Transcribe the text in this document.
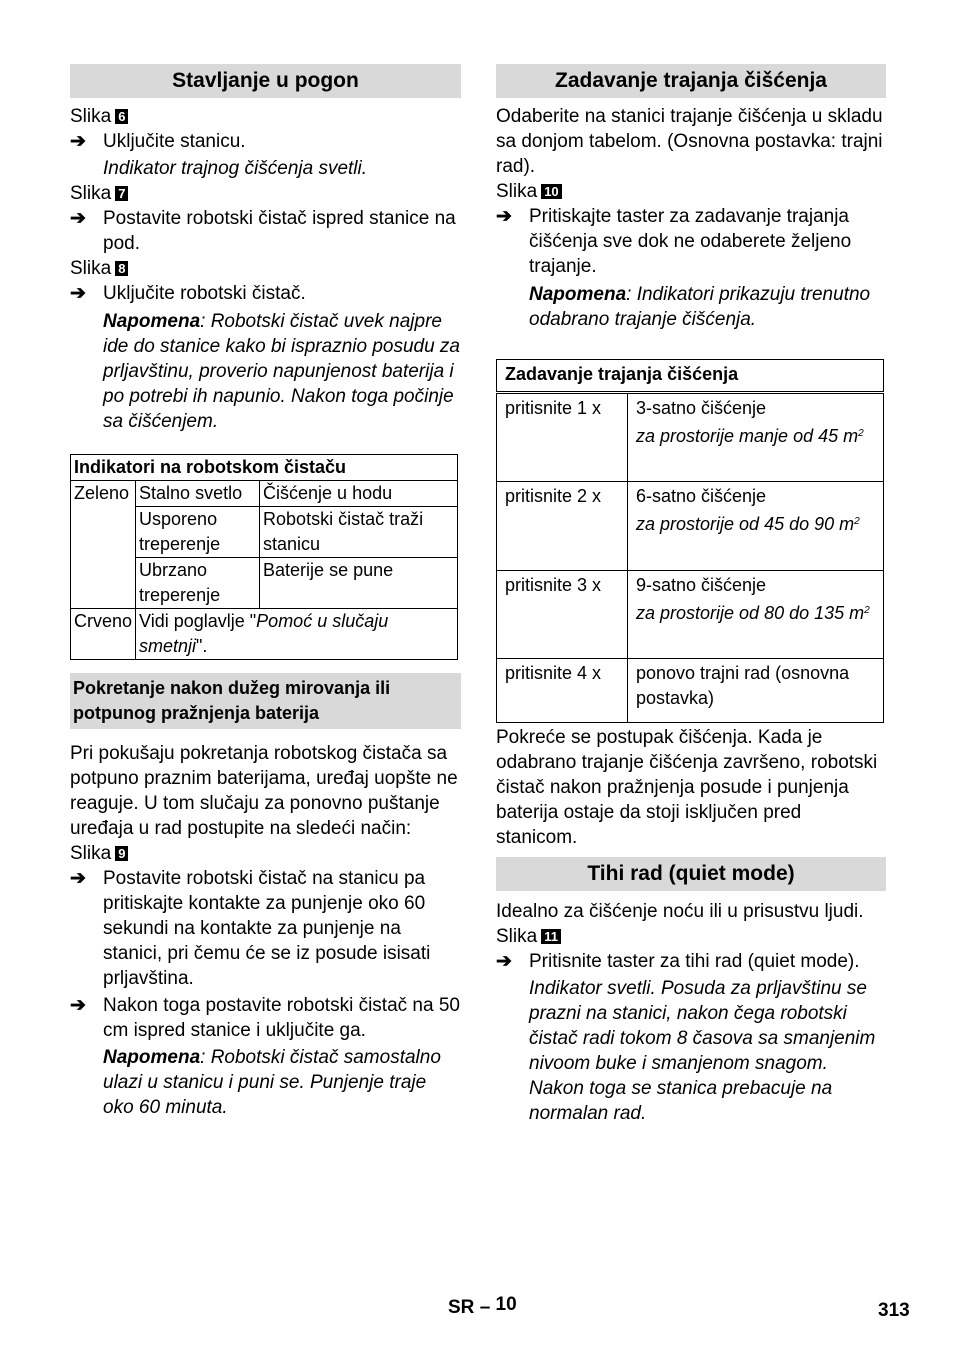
Stavljanje u pogon

Slika 6

➔ Uključite stanicu.

Indikator trajnog čišćenja svetli.

Slika 7

➔ Postavite robotski čistač ispred stanice na pod.

Slika 8

➔ Uključite robotski čistač.

Napomena: Robotski čistač uvek najpre ide do stanice kako bi ispraznio posudu za prljavštinu, proverio napunjenost baterija i po potrebi ih napunio. Nakon toga počinje sa čišćenjem.

Indikatori na robotskom čistaču		
Zeleno	Stalno svetlo	Čišćenje u hodu
	Usporeno treperenje	Robotski čistač traži stanicu
	Ubrzano treperenje	Baterije se pune
Crveno	Vidi poglavlje "Pomoć u slučaju smetnji".	
Pokretanje nakon dužeg mirovanja ili potpunog pražnjenja baterija

Pri pokušaju pokretanja robotskog čistača sa potpuno praznim baterijama, uređaj uopšte ne reaguje. U tom slučaju za ponovno puštanje uređaja u rad postupite na sledeći način:

Slika 9

➔ Postavite robotski čistač na stanicu pa pritiskajte kontakte za punjenje oko 60 sekundi na kontakte za punjenje na stanici, pri čemu će se iz posude isisati prljavština.
➔ Nakon toga postavite robotski čistač na 50 cm ispred stanice i uključite ga.

Napomena: Robotski čistač samostalno ulazi u stanicu i puni se. Punjenje traje oko 60 minuta.

Zadavanje trajanja čišćenja

Odaberite na stanici trajanje čišćenja u skladu sa donjom tabelom. (Osnovna postavka: trajni rad).

Slika 10

➔ Pritiskajte taster za zadavanje trajanja čišćenja sve dok ne odaberete željeno trajanje.

Napomena: Indikatori prikazuju trenutno odabrano trajanje čišćenja.

Zadavanje trajanja čišćenja	
pritisnite 1 x	3-satno čišćenje
za prostorije manje od 45 $m^2$
pritisnite 2 x	6-satno čišćenje
za prostorije od 45 do 90 $m^2$
pritisnite 3 x	9-satno čišćenje
za prostorije od 80 do 135 $m^2$
pritisnite 4 x	ponovo trajni rad (osnovna postavka)

Pokreće se postupak čišćenja. Kada je odabrano trajanje čišćenja završeno, robotski čistač nakon pražnjenja posude i punjenja baterija ostaje da stoji isključen pred stanicom.

Tihi rad (quiet mode)

Idealno za čišćenje noću ili u prisustvu ljudi.

Slika 11

➔ Pritisnite taster za tihi rad (quiet mode).

Indikator svetli. Posuda za prljavštinu se prazni na stanici, nakon čega robotski čistač radi tokom 8 časova sa smanjenim nivoom buke i smanjenom snagom. Nakon toga se stanica prebacuje na normalan rad.

SR – 10	313
